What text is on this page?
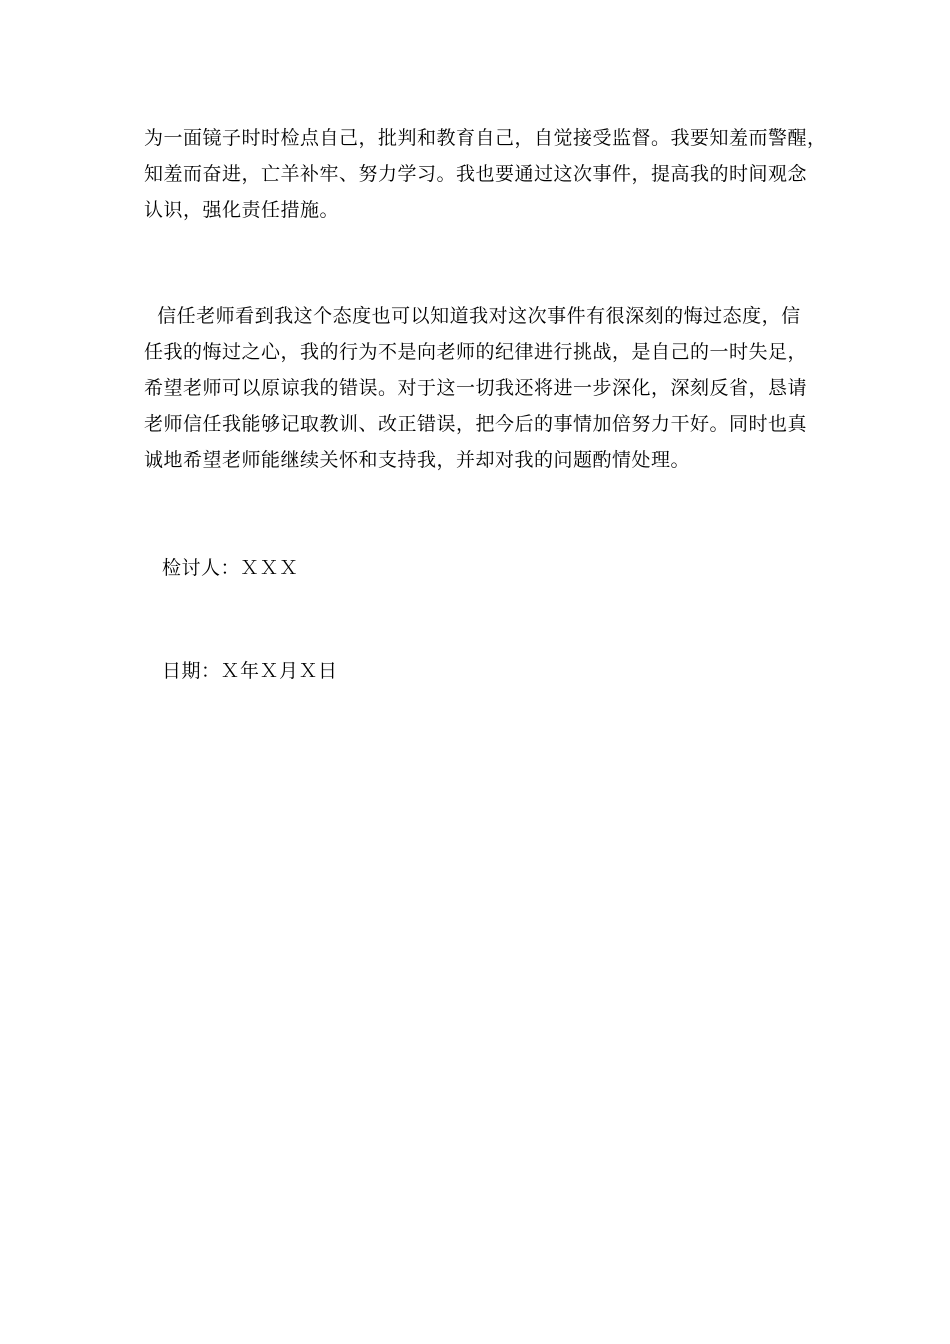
为一面镜子时时检点自己，批判和教育自己，自觉接受监督。我要知羞而警醒，
知羞而奋进，亡羊补牢、努力学习。我也要通过这次事件，提高我的时间观念
认识，强化责任措施。

信任老师看到我这个态度也可以知道我对这次事件有很深刻的悔过态度，信
任我的悔过之心，我的行为不是向老师的纪律进行挑战，是自己的一时失足，
希望老师可以原谅我的错误。对于这一切我还将进一步深化，深刻反省，恳请
老师信任我能够记取教训、改正错误，把今后的事情加倍努力干好。同时也真
诚地希望老师能继续关怀和支持我，并却对我的问题酌情处理。

检讨人：ＸＸＸ

日期：Ｘ年Ｘ月Ｘ日
